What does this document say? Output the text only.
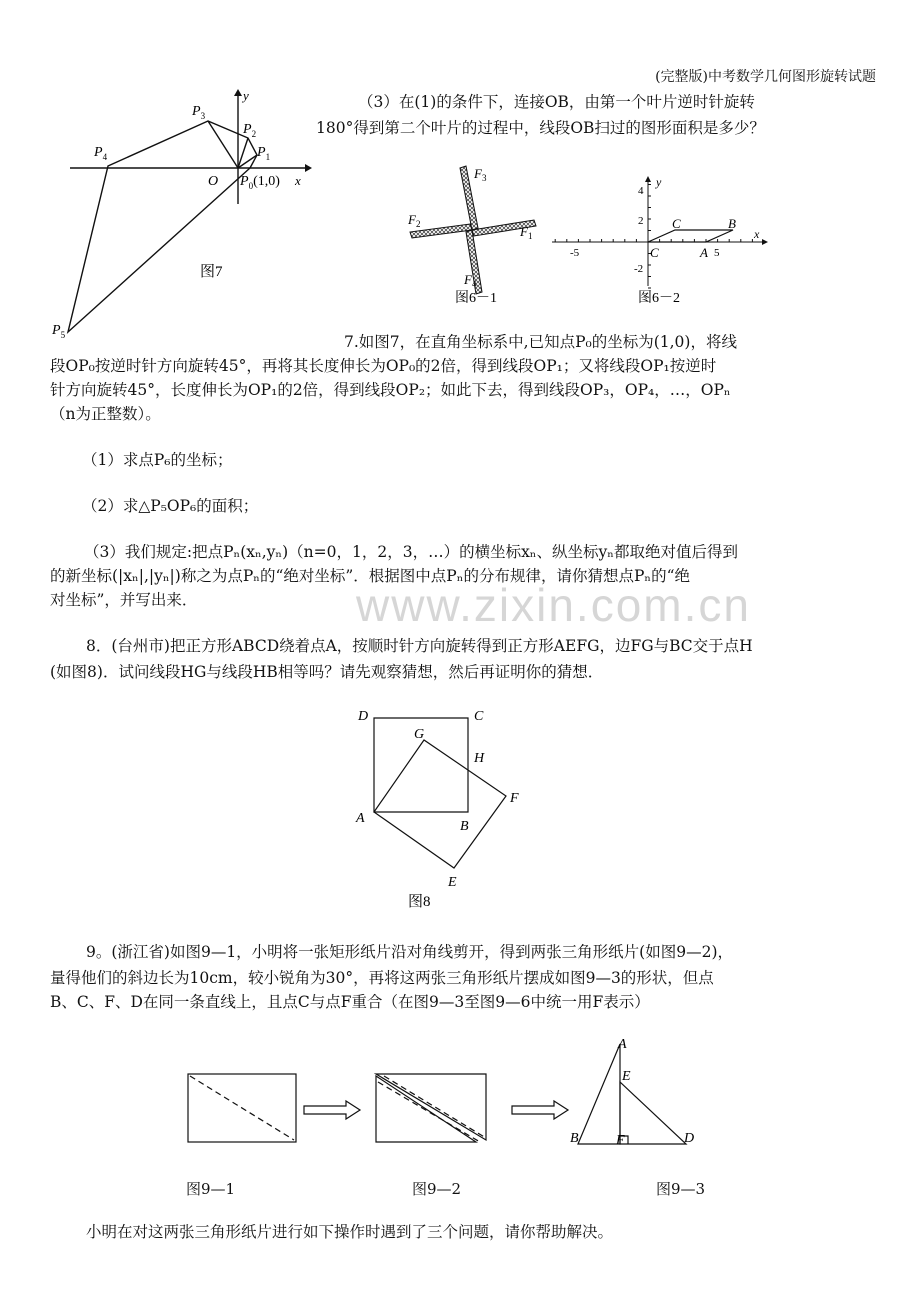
(完整版)中考数学几何图形旋转试题
www.zixin.com.cn
（3）在(1)的条件下，连接OB，由第一个叶片逆时针旋转
180°得到第二个叶片的过程中，线段OB扫过的图形面积是多少？
y
x
O $P_0(1,0)$
$P_1$
$P_2$
$P_3$
$P_4$
$P_5$
图7
$F_3$
$F_1$
$F_2$
$F_4$
图6－1
y
x
4
2
-2
-5	5
C	B
C	A
图6－2
7.如图7，在直角坐标系中,已知点P₀的坐标为(1,0)，将线
段OP₀按逆时针方向旋转45°，再将其长度伸长为OP₀的2倍，得到线段OP₁；又将线段OP₁按逆时
针方向旋转45°，长度伸长为OP₁的2倍，得到线段OP₂；如此下去，得到线段OP₃，OP₄，…，OPₙ
（n为正整数）。
（1）求点P₆的坐标；
（2）求△P₅OP₆的面积；
（3）我们规定:把点Pₙ(xₙ,yₙ)（n=0，1，2，3，…）的横坐标xₙ、纵坐标yₙ都取绝对值后得到
的新坐标(|xₙ|,|yₙ|)称之为点Pₙ的“绝对坐标”．根据图中点Pₙ的分布规律，请你猜想点Pₙ的“绝
对坐标”，并写出来．
8．(台州市)把正方形ABCD绕着点A，按顺时针方向旋转得到正方形AEFG，边FG与BC交于点H
(如图8)．试问线段HG与线段HB相等吗？请先观察猜想，然后再证明你的猜想．
D	C
G
H
F
A
B
E
图8
9。(浙江省)如图9—1，小明将一张矩形纸片沿对角线剪开，得到两张三角形纸片(如图9—2)，
量得他们的斜边长为10cm，较小锐角为30°，再将这两张三角形纸片摆成如图9—3的形状，但点
B、C、F、D在同一条直线上，且点C与点F重合（在图9—3至图9—6中统一用F表示）
A
E
B	F	D
图9—1	图9—2	图9—3
小明在对这两张三角形纸片进行如下操作时遇到了三个问题，请你帮助解决。
